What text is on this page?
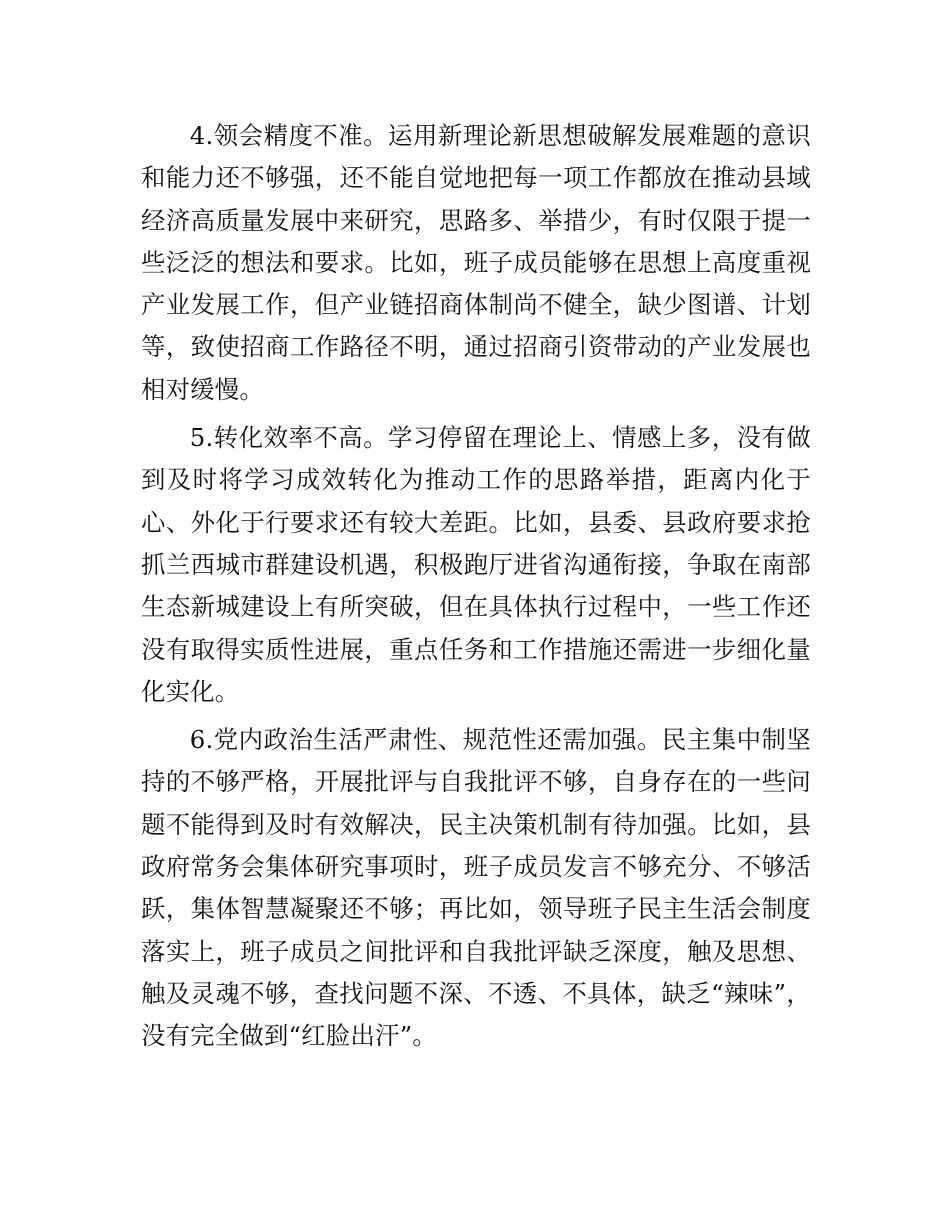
4.领会精度不准。运用新理论新思想破解发展难题的意识和能力还不够强，还不能自觉地把每一项工作都放在推动县域经济高质量发展中来研究，思路多、举措少，有时仅限于提一些泛泛的想法和要求。比如，班子成员能够在思想上高度重视产业发展工作，但产业链招商体制尚不健全，缺少图谱、计划等，致使招商工作路径不明，通过招商引资带动的产业发展也相对缓慢。

5.转化效率不高。学习停留在理论上、情感上多，没有做到及时将学习成效转化为推动工作的思路举措，距离内化于心、外化于行要求还有较大差距。比如，县委、县政府要求抢抓兰西城市群建设机遇，积极跑厅进省沟通衔接，争取在南部生态新城建设上有所突破，但在具体执行过程中，一些工作还没有取得实质性进展，重点任务和工作措施还需进一步细化量化实化。

6.党内政治生活严肃性、规范性还需加强。民主集中制坚持的不够严格，开展批评与自我批评不够，自身存在的一些问题不能得到及时有效解决，民主决策机制有待加强。比如，县政府常务会集体研究事项时，班子成员发言不够充分、不够活跃，集体智慧凝聚还不够；再比如，领导班子民主生活会制度落实上，班子成员之间批评和自我批评缺乏深度，触及思想、触及灵魂不够，查找问题不深、不透、不具体，缺乏“辣味”，没有完全做到“红脸出汗”。
